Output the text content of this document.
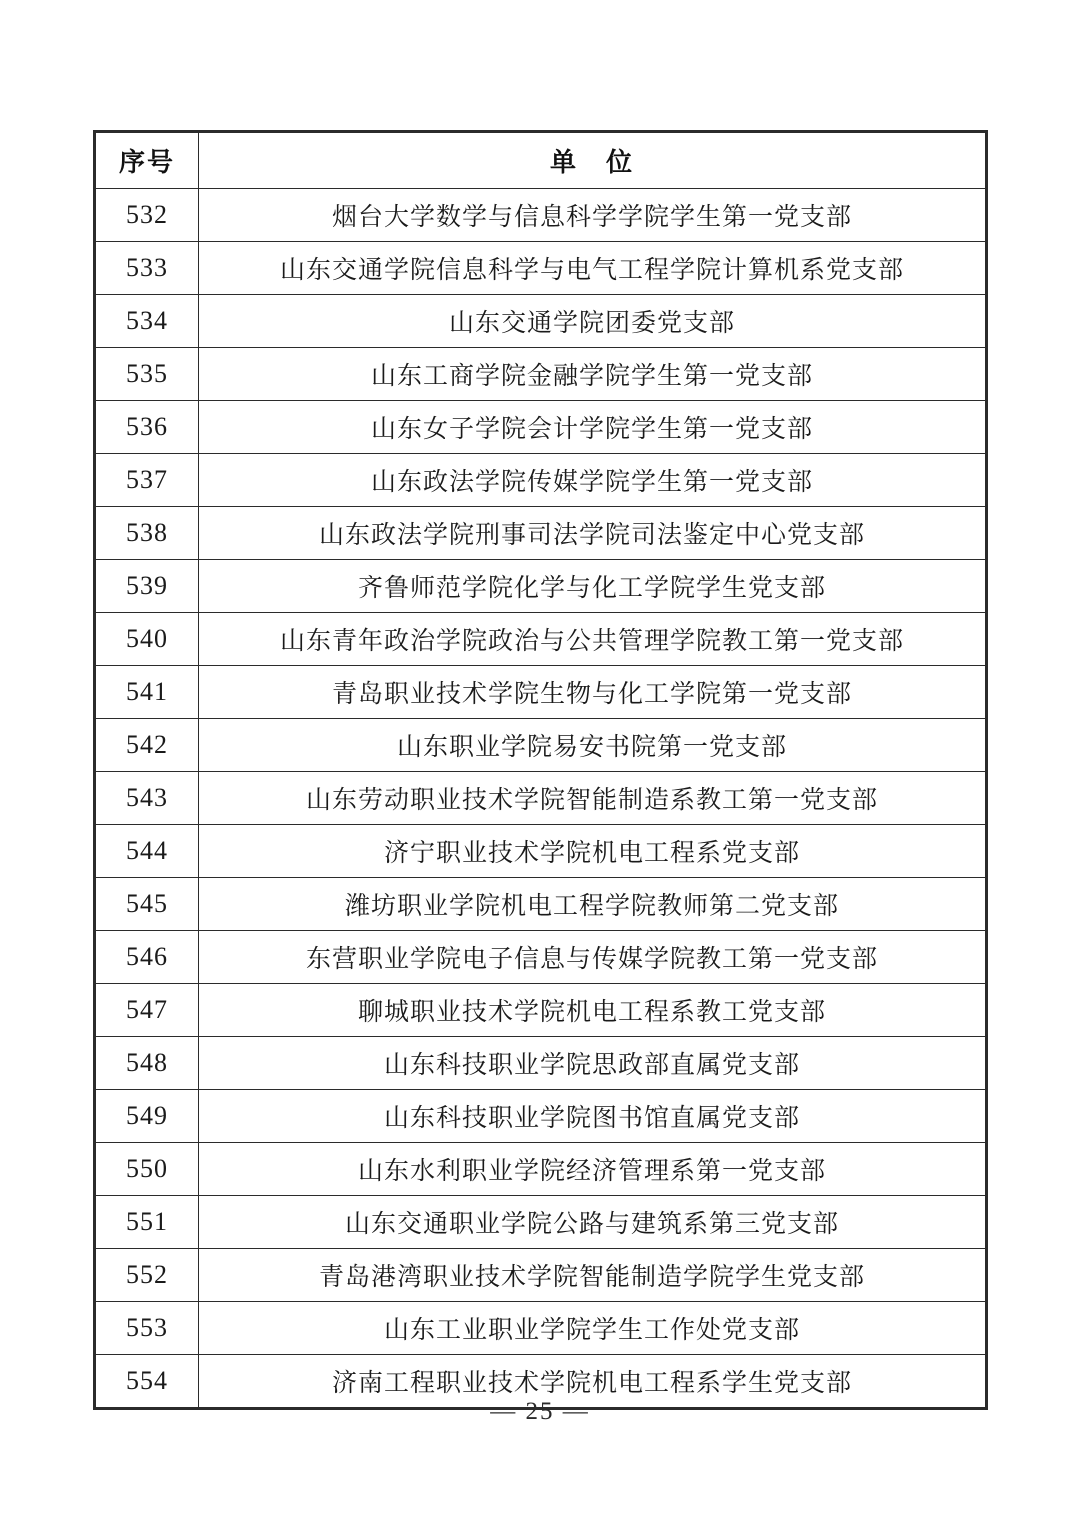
序号	单　位
532	烟台大学数学与信息科学学院学生第一党支部
533	山东交通学院信息科学与电气工程学院计算机系党支部
534	山东交通学院团委党支部
535	山东工商学院金融学院学生第一党支部
536	山东女子学院会计学院学生第一党支部
537	山东政法学院传媒学院学生第一党支部
538	山东政法学院刑事司法学院司法鉴定中心党支部
539	齐鲁师范学院化学与化工学院学生党支部
540	山东青年政治学院政治与公共管理学院教工第一党支部
541	青岛职业技术学院生物与化工学院第一党支部
542	山东职业学院易安书院第一党支部
543	山东劳动职业技术学院智能制造系教工第一党支部
544	济宁职业技术学院机电工程系党支部
545	潍坊职业学院机电工程学院教师第二党支部
546	东营职业学院电子信息与传媒学院教工第一党支部
547	聊城职业技术学院机电工程系教工党支部
548	山东科技职业学院思政部直属党支部
549	山东科技职业学院图书馆直属党支部
550	山东水利职业学院经济管理系第一党支部
551	山东交通职业学院公路与建筑系第三党支部
552	青岛港湾职业技术学院智能制造学院学生党支部
553	山东工业职业学院学生工作处党支部
554	济南工程职业技术学院机电工程系学生党支部
— 25 —
